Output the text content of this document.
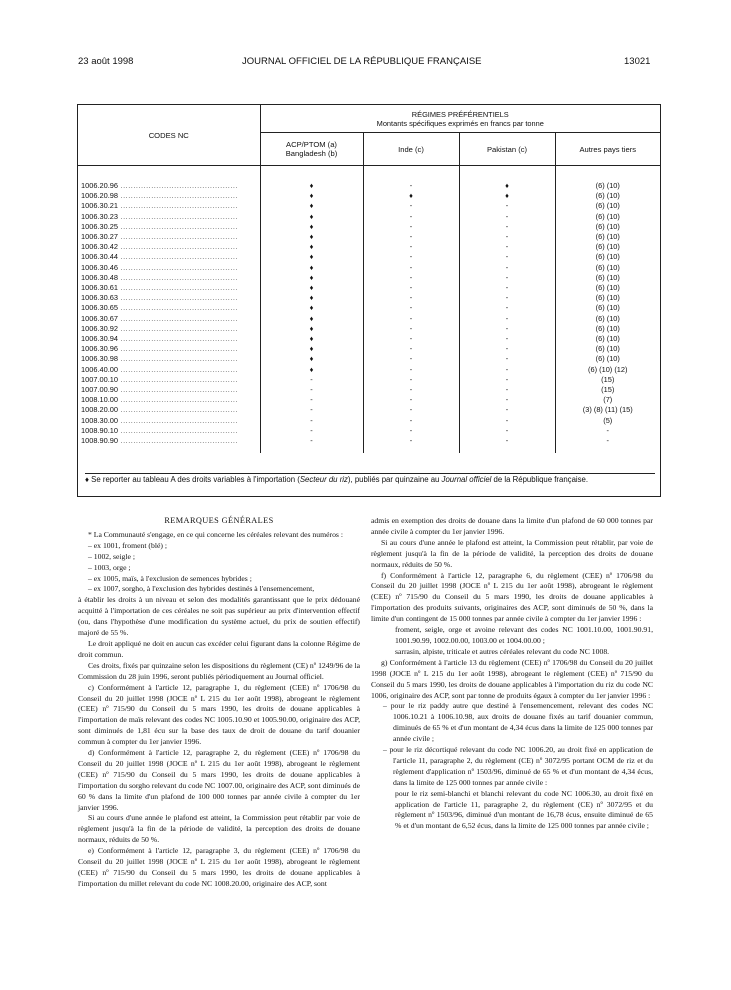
23 août 1998	JOURNAL OFFICIEL DE LA RÉPUBLIQUE FRANÇAISE	13021
CODES NC	RÉGIMES PRÉFÉRENTIELS
Montants spécifiques exprimés en francs par tonne			

	ACP/PTOM (a)
Bangladesh (b)	Inde (c)	Pakistan (c)	Autres pays tiers
1006.20.96 ..............................................	♦	-	♦	(6) (10)
1006.20.98 ..............................................	♦	♦	♦	(6) (10)
1006.30.21 ..............................................	♦	-	-	(6) (10)
1006.30.23 ..............................................	♦	-	-	(6) (10)
1006.30.25 ..............................................	♦	-	-	(6) (10)
1006.30.27 ..............................................	♦	-	-	(6) (10)
1006.30.42 ..............................................	♦	-	-	(6) (10)
1006.30.44 ..............................................	♦	-	-	(6) (10)
1006.30.46 ..............................................	♦	-	-	(6) (10)
1006.30.48 ..............................................	♦	-	-	(6) (10)
1006.30.61 ..............................................	♦	-	-	(6) (10)
1006.30.63 ..............................................	♦	-	-	(6) (10)
1006.30.65 ..............................................	♦	-	-	(6) (10)
1006.30.67 ..............................................	♦	-	-	(6) (10)
1006.30.92 ..............................................	♦	-	-	(6) (10)
1006.30.94 ..............................................	♦	-	-	(6) (10)
1006.30.96 ..............................................	♦	-	-	(6) (10)
1006.30.98 ..............................................	♦	-	-	(6) (10)
1006.40.00 ..............................................	♦	-	-	(6) (10) (12)
1007.00.10 ..............................................	-	-	-	(15)
1007.00.90 ..............................................	-	-	-	(15)
1008.10.00 ..............................................	-	-	-	(7)
1008.20.00 ..............................................	-	-	-	(3) (8) (11) (15)
1008.30.00 ..............................................	-	-	-	(5)
1008.90.10 ..............................................	-	-	-	-
1008.90.90 ..............................................	-	-	-	-
♦ Se reporter au tableau A des droits variables à l'importation (Secteur du riz), publiés par quinzaine au Journal officiel de la République française.
REMARQUES GÉNÉRALES

* La Communauté s'engage, en ce qui concerne les céréales relevant des numéros :

– ex 1001, froment (blé) ;
– 1002, seigle ;
– 1003, orge ;
– ex 1005, maïs, à l'exclusion de semences hybrides ;
– ex 1007, sorgho, à l'exclusion des hybrides destinés à l'ensemencement,

à établir les droits à un niveau et selon des modalités garantissant que le prix dédouané acquitté à l'importation de ces céréales ne soit pas supérieur au prix d'intervention effectif (ou, dans l'hypothèse d'une modification du système actuel, du prix de soutien effectif) majoré de 55 %.

Le droit appliqué ne doit en aucun cas excéder celui figurant dans la colonne Régime de droit commun.

Ces droits, fixés par quinzaine selon les dispositions du règlement (CE) nº 1249/96 de la Commission du 28 juin 1996, seront publiés périodiquement au Journal officiel.

c) Conformément à l'article 12, paragraphe 1, du règlement (CEE) nº 1706/98 du Conseil du 20 juillet 1998 (JOCE nº L 215 du 1er août 1998), abrogeant le règlement (CEE) nº 715/90 du Conseil du 5 mars 1990, les droits de douane applicables à l'importation de maïs relevant des codes NC 1005.10.90 et 1005.90.00, originaire des ACP, sont diminués de 1,81 écu sur la base des taux de droit de douane du tarif douanier commun à compter du 1er janvier 1996.

d) Conformément à l'article 12, paragraphe 2, du règlement (CEE) nº 1706/98 du Conseil du 20 juillet 1998 (JOCE nº L 215 du 1er août 1998), abrogeant le règlement (CEE) nº 715/90 du Conseil du 5 mars 1990, les droits de douane applicables à l'importation du sorgho relevant du code NC 1007.00, originaire des ACP, sont diminués de 60 % dans la limite d'un plafond de 100 000 tonnes par année civile à compter du 1er janvier 1996.

Si au cours d'une année le plafond est atteint, la Commission peut rétablir par voie de règlement jusqu'à la fin de la période de validité, la perception des droits de douane normaux, réduits de 50 %.

e) Conformément à l'article 12, paragraphe 3, du règlement (CEE) nº 1706/98 du Conseil du 20 juillet 1998 (JOCE nº L 215 du 1er août 1998), abrogeant le règlement (CEE) nº 715/90 du Conseil du 5 mars 1990, les droits de douane applicables à l'importation du millet relevant du code NC 1008.20.00, originaire des ACP, sont

admis en exemption des droits de douane dans la limite d'un plafond de 60 000 tonnes par année civile à compter du 1er janvier 1996.

Si au cours d'une année le plafond est atteint, la Commission peut rétablir, par voie de règlement jusqu'à la fin de la période de validité, la perception des droits de douane normaux, réduits de 50 %.

f) Conformément à l'article 12, paragraphe 6, du règlement (CEE) nº 1706/98 du Conseil du 20 juillet 1998 (JOCE nº L 215 du 1er août 1998), abrogeant le règlement (CEE) nº 715/90 du Conseil du 5 mars 1990, les droits de douane applicables à l'importation des produits suivants, originaires des ACP, sont diminués de 50 %, dans la limite d'un contingent de 15 000 tonnes par année civile à compter du 1er janvier 1996 :

froment, seigle, orge et avoine relevant des codes NC 1001.10.00, 1001.90.91, 1001.90.99, 1002.00.00, 1003.00 et 1004.00.00 ;

sarrasin, alpiste, triticale et autres céréales relevant du code NC 1008.

g) Conformément à l'article 13 du règlement (CEE) nº 1706/98 du Conseil du 20 juillet 1998 (JOCE nº L 215 du 1er août 1998), abrogeant le règlement (CEE) nº 715/90 du Conseil du 5 mars 1990, les droits de douane applicables à l'importation du riz du code NC 1006, originaire des ACP, sont par tonne de produits égaux à compter du 1er janvier 1996 :

– pour le riz paddy autre que destiné à l'ensemencement, relevant des codes NC 1006.10.21 à 1006.10.98, aux droits de douane fixés au tarif douanier commun, diminués de 65 % et d'un montant de 4,34 écus dans la limite de 125 000 tonnes par année civile ;

– pour le riz décortiqué relevant du code NC 1006.20, au droit fixé en application de l'article 11, paragraphe 2, du règlement (CE) nº 3072/95 portant OCM de riz et du règlement d'application nº 1503/96, diminué de 65 % et d'un montant de 4,34 écus, dans la limite de 125 000 tonnes par année civile :

pour le riz semi-blanchi et blanchi relevant du code NC 1006.30, au droit fixé en application de l'article 11, paragraphe 2, du règlement (CE) nº 3072/95 et du règlement nº 1503/96, diminué d'un montant de 16,78 écus, ensuite diminué de 65 % et d'un montant de 6,52 écus, dans la limite de 125 000 tonnes par année civile ;
